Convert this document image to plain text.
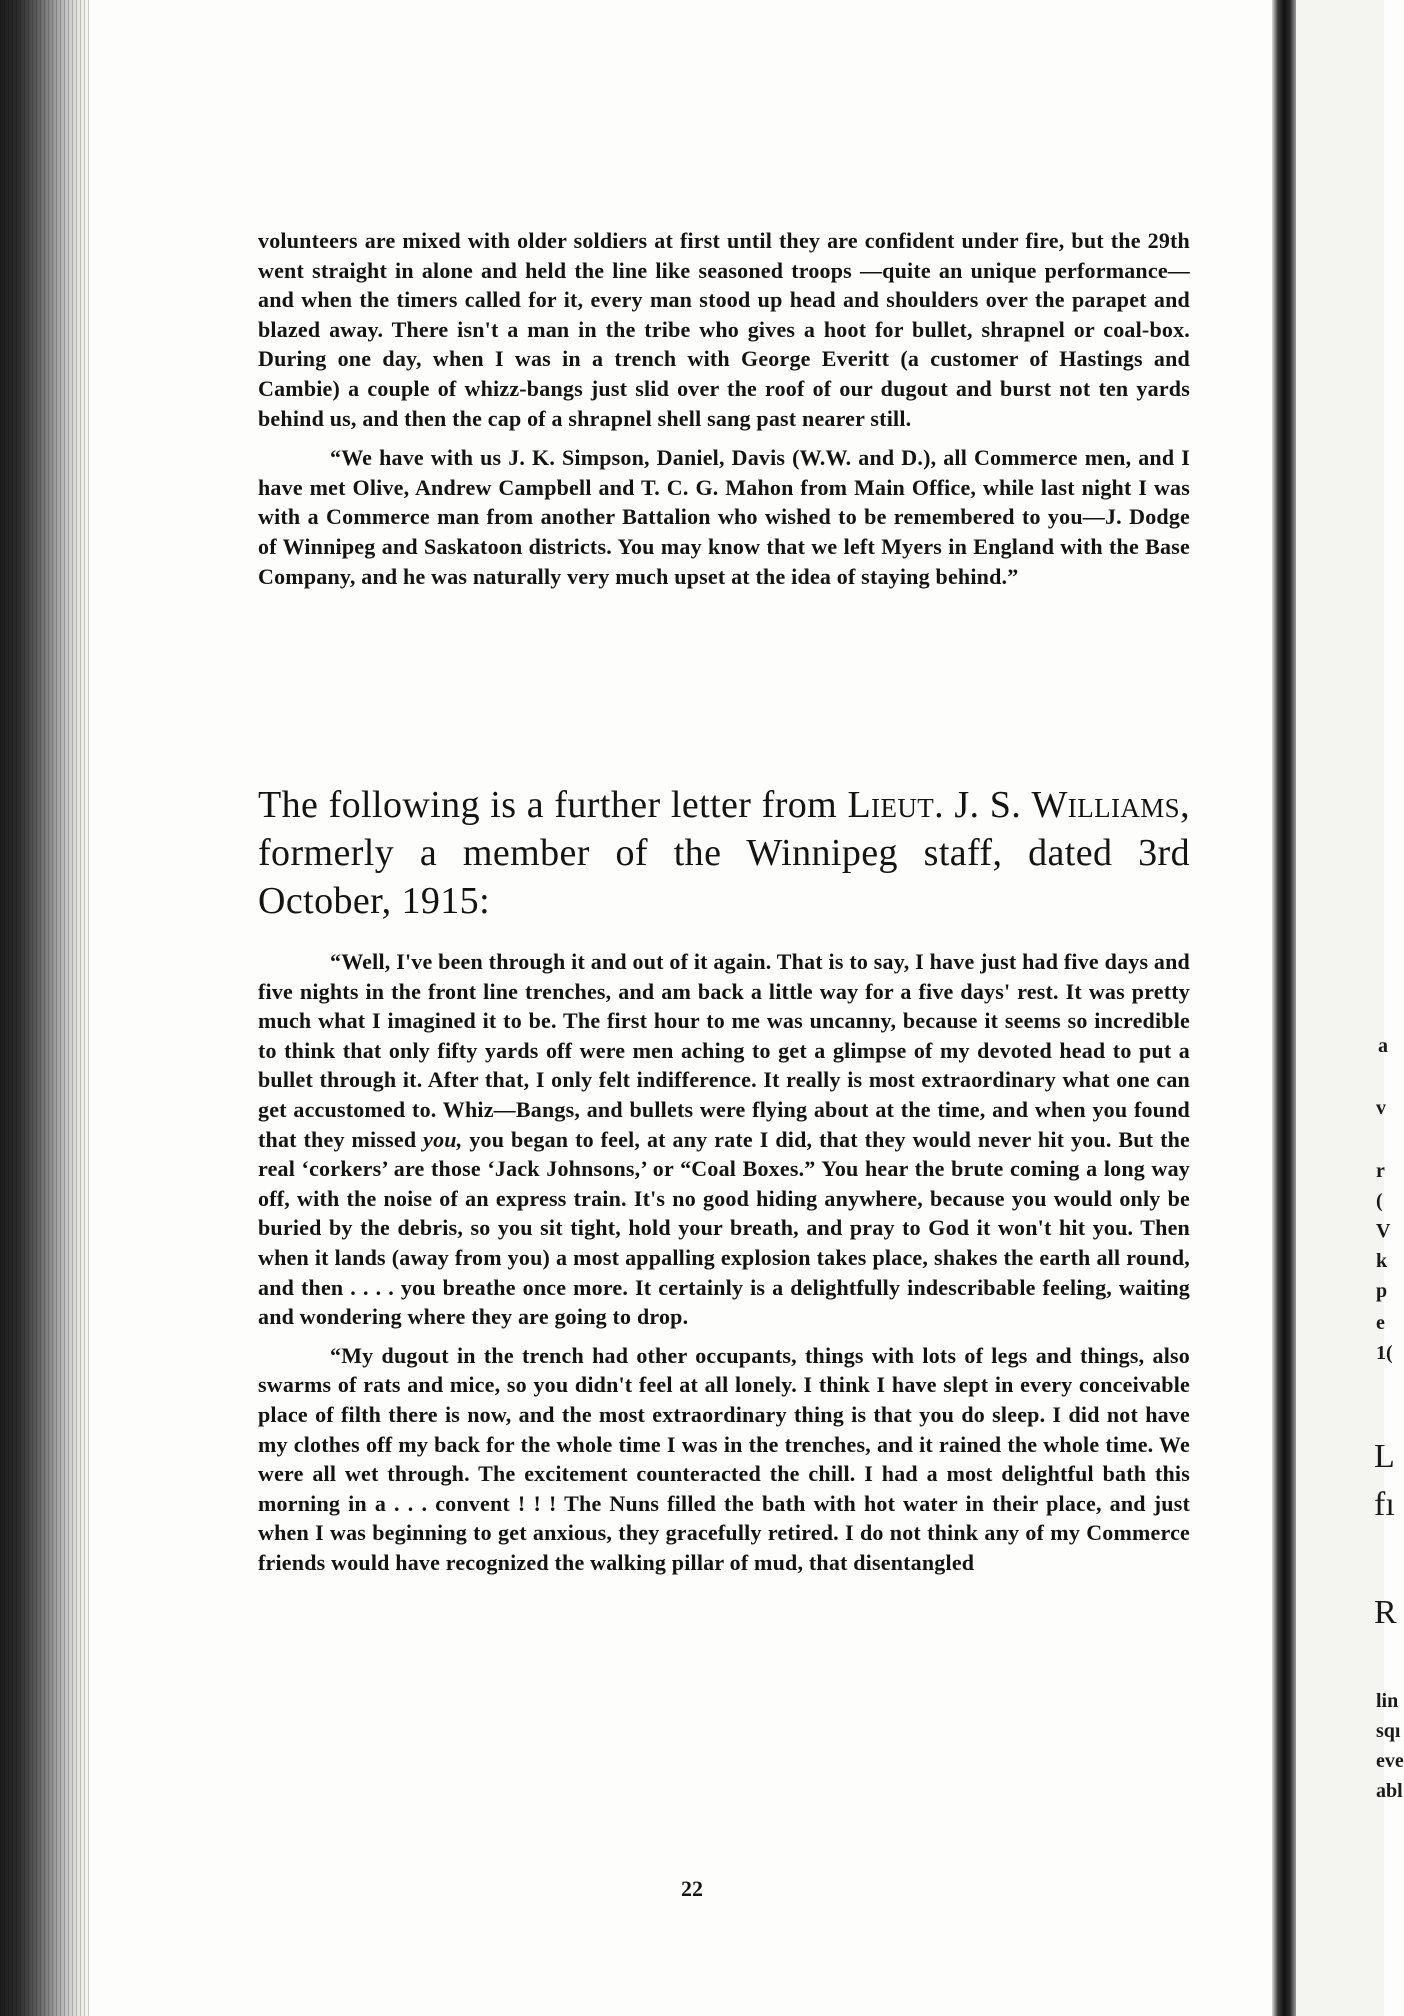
volunteers are mixed with older soldiers at first until they are confident under fire, but the 29th went straight in alone and held the line like seasoned troops —quite an unique performance—and when the timers called for it, every man stood up head and shoulders over the parapet and blazed away. There isn't a man in the tribe who gives a hoot for bullet, shrapnel or coal-box. During one day, when I was in a trench with George Everitt (a customer of Hastings and Cambie) a couple of whizz-bangs just slid over the roof of our dugout and burst not ten yards behind us, and then the cap of a shrapnel shell sang past nearer still.

“We have with us J. K. Simpson, Daniel, Davis (W.W. and D.), all Commerce men, and I have met Olive, Andrew Campbell and T. C. G. Mahon from Main Office, while last night I was with a Commerce man from another Battalion who wished to be remembered to you—J. Dodge of Winnipeg and Saskatoon districts. You may know that we left Myers in England with the Base Company, and he was naturally very much upset at the idea of staying behind.”

The following is a further letter from Lieut. J. S. Williams, formerly a member of the Winnipeg staff, dated 3rd October, 1915:

“Well, I've been through it and out of it again. That is to say, I have just had five days and five nights in the front line trenches, and am back a little way for a five days' rest. It was pretty much what I imagined it to be. The first hour to me was uncanny, because it seems so incredible to think that only fifty yards off were men aching to get a glimpse of my devoted head to put a bullet through it. After that, I only felt indifference. It really is most extraordinary what one can get accustomed to. Whiz—Bangs, and bullets were flying about at the time, and when you found that they missed you, you began to feel, at any rate I did, that they would never hit you. But the real ‘corkers’ are those ‘Jack Johnsons,’ or “Coal Boxes.” You hear the brute coming a long way off, with the noise of an express train. It's no good hiding anywhere, because you would only be buried by the debris, so you sit tight, hold your breath, and pray to God it won't hit you. Then when it lands (away from you) a most appalling explosion takes place, shakes the earth all round, and then . . . . you breathe once more. It certainly is a delightfully indescribable feeling, waiting and wondering where they are going to drop.

“My dugout in the trench had other occupants, things with lots of legs and things, also swarms of rats and mice, so you didn't feel at all lonely. I think I have slept in every conceivable place of filth there is now, and the most extraordinary thing is that you do sleep. I did not have my clothes off my back for the whole time I was in the trenches, and it rained the whole time. We were all wet through. The excitement counteracted the chill. I had a most delightful bath this morning in a . . . convent ! ! ! The Nuns filled the bath with hot water in their place, and just when I was beginning to get anxious, they gracefully retired. I do not think any of my Commerce friends would have recognized the walking pillar of mud, that disentangled

22
a
v
r
(
V
k
p
e
1(
L
fı
R
lin
sqı
eve
abl
